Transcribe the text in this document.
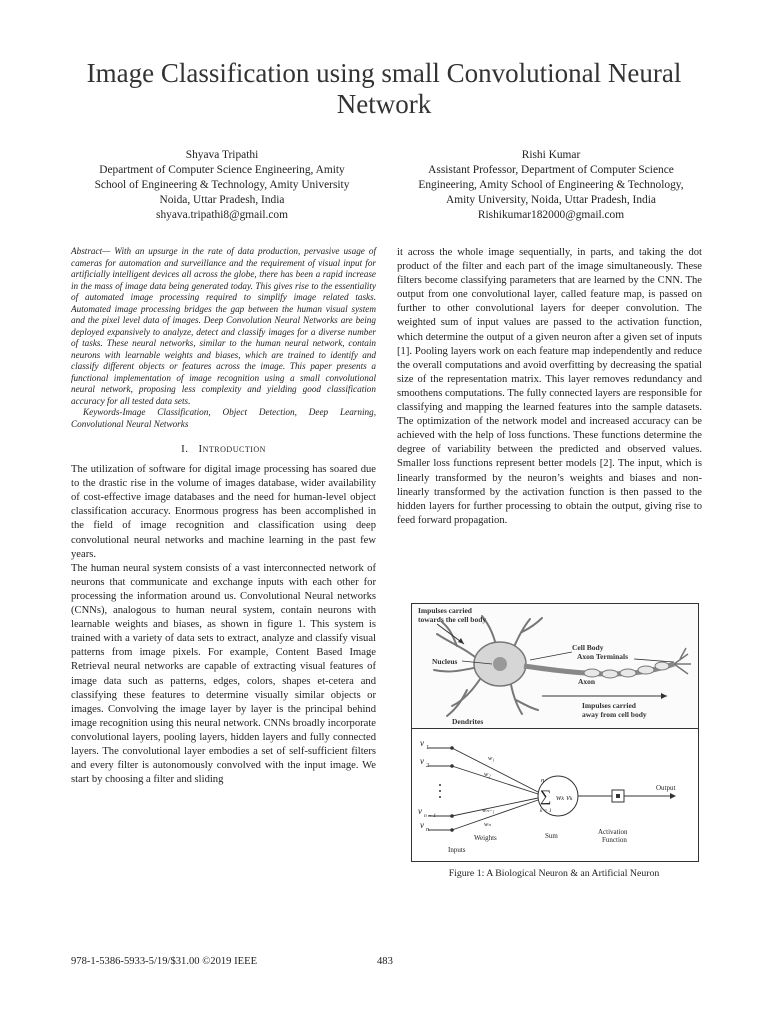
Image Classification using small Convolutional Neural Network
Shyava Tripathi
Department of Computer Science Engineering, Amity
School of Engineering & Technology, Amity University
Noida, Uttar Pradesh, India
shyava.tripathi8@gmail.com
Rishi Kumar
Assistant Professor, Department of Computer Science
Engineering, Amity School of Engineering & Technology,
Amity University, Noida, Uttar Pradesh, India
Rishikumar182000@gmail.com

Abstract— With an upsurge in the rate of data production, pervasive usage of cameras for automation and surveillance and the requirement of visual input for artificially intelligent devices all across the globe, there has been a rapid increase in the mass of image data being generated today. This gives rise to the essentiality of automated image processing required to simplify image related tasks. Automated image processing bridges the gap between the human visual system and the pixel level data of images. Deep Convolution Neural Networks are being deployed expansively to analyze, detect and classify images for a diverse number of tasks. These neural networks, similar to the human neural network, contain neurons with learnable weights and biases, which are trained to identify and classify different objects or features across the image. This paper presents a functional implementation of image recognition using a small convolutional neural network, proposing less complexity and yielding good classification accuracy for all tested data sets.

Keywords-Image Classification, Object Detection, Deep Learning, Convolutional Neural Networks

I. Introduction

The utilization of software for digital image processing has soared due to the drastic rise in the volume of images database, wider availability of cost-effective image databases and the need for human-level object classification accuracy. Enormous progress has been accomplished in the field of image recognition and classification using deep convolutional neural networks and machine learning in the past few years.

The human neural system consists of a vast interconnected network of neurons that communicate and exchange inputs with each other for processing the information around us. Convolutional Neural networks (CNNs), analogous to human neural system, contain neurons with learnable weights and biases, as shown in figure 1. This system is trained with a variety of data sets to extract, analyze and classify visual patterns from image pixels. For example, Content Based Image Retrieval neural networks are capable of extracting visual features of image data such as patterns, edges, colors, shapes et-cetera and classifying these features to determine visually similar objects or images. Convolving the image layer by layer is the principal behind image recognition using this neural network. CNNs broadly incorporate convolutional layers, pooling layers, hidden layers and fully connected layers. The convolutional layer embodies a set of self-sufficient filters and every filter is autonomously convolved with the input image. We start by choosing a filter and sliding

it across the whole image sequentially, in parts, and taking the dot product of the filter and each part of the image simultaneously. These filters become classifying parameters that are learned by the CNN. The output from one convolutional layer, called feature map, is passed on further to other convolutional layers for deeper convolution. The weighted sum of input values are passed to the activation function, which determine the output of a given neuron after a given set of inputs [1]. Pooling layers work on each feature map independently and reduce the overall computations and avoid overfitting by decreasing the spatial size of the representation matrix. This layer removes redundancy and smoothens computations. The fully connected layers are responsible for classifying and mapping the learned features into the sample datasets. The optimization of the network model and increased accuracy can be achieved with the help of loss functions. These functions determine the degree of variability between the predicted and observed values. Smaller loss functions represent better models [2]. The input, which is linearly transformed by the neuron’s weights and biases and non-linearly transformed by the activation function is then passed to the hidden layers for further processing to obtain the output, giving rise to feed forward propagation.

Impulses carried
towards the cell body
Cell Body
Axon Terminals
Nucleus
Axon
Impulses carried
away from cell body
Dendrites
v 1
v 2
v n − 1
v n
w₁
w₂
wₙ₋₁
wₙ
n
k = 1
∑ wₖ vₖ
Inputs
Weights	Sum	Activation
Function
Output
Figure 1: A Biological Neuron & an Artificial Neuron
978-1-5386-5933-5/19/$31.00 ©2019 IEEE	483
